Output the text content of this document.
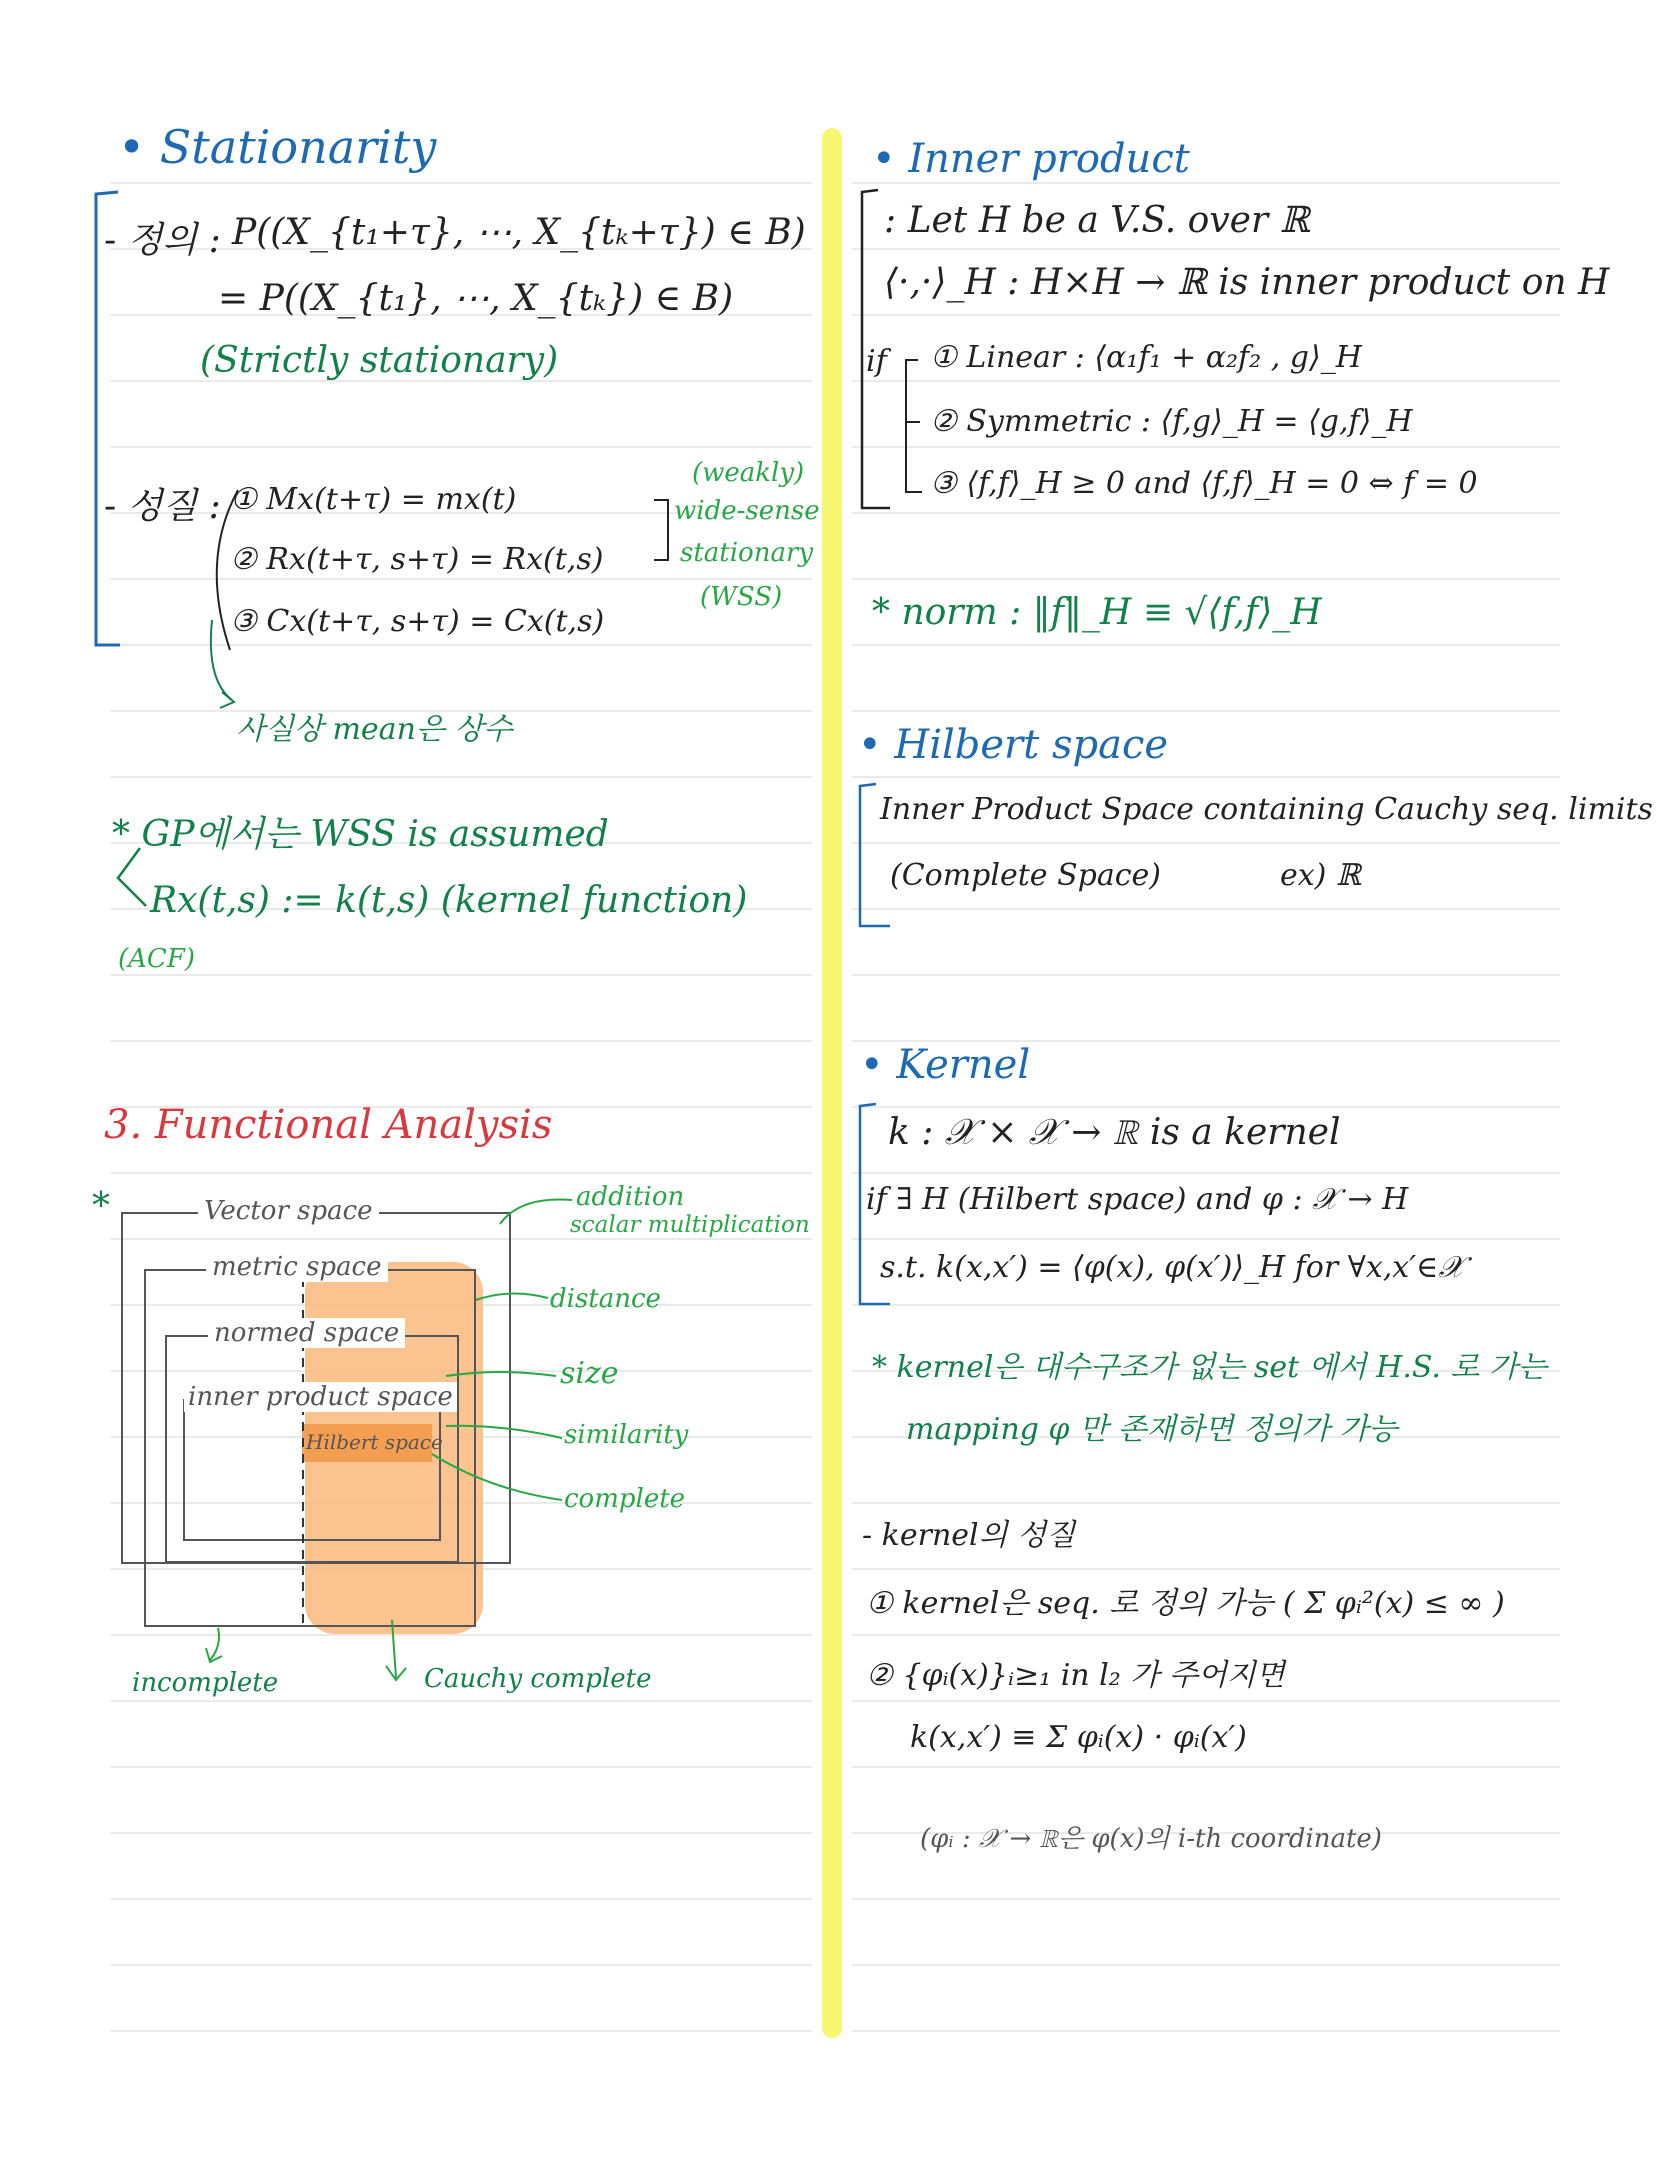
• Stationarity
- 정의 : P((X_{t₁+τ}, ⋯, X_{tₖ+τ}) ∈ B)
= P((X_{t₁}, ⋯, X_{tₖ}) ∈ B)
(Strictly stationary)
- 성질 : ① Mx(t+τ) = mx(t)
② Rx(t+τ, s+τ) = Rx(t,s)
③ Cx(t+τ, s+τ) = Cx(t,s)
(weakly)
wide-sense
stationary
(WSS)
사실상 mean은 상수
* GP에서는 WSS is assumed
Rx(t,s) := k(t,s) (kernel function)
(ACF)
3. Functional Analysis
*	Vector space
metric space
normed space
inner product space
Hilbert space
addition
scalar multiplication
distance
size
similarity
complete
incomplete	Cauchy complete
• Inner product
: Let H be a V.S. over ℝ
⟨·,·⟩_H : H×H → ℝ is inner product on H
if ① Linear : ⟨α₁f₁ + α₂f₂ , g⟩_H
② Symmetric : ⟨f,g⟩_H = ⟨g,f⟩_H
③ ⟨f,f⟩_H ≥ 0 and ⟨f,f⟩_H = 0 ⇔ f = 0
* norm : ‖f‖_H ≡ √⟨f,f⟩_H
• Hilbert space
Inner Product Space containing Cauchy seq. limits
(Complete Space)	ex) ℝ
• Kernel
k : 𝒳 × 𝒳 → ℝ is a kernel
if ∃ H (Hilbert space) and φ : 𝒳 → H
s.t. k(x,x′) = ⟨φ(x), φ(x′)⟩_H for ∀x,x′∈𝒳
* kernel은 대수구조가 없는 set 에서 H.S. 로 가는
mapping φ 만 존재하면 정의가 가능
- kernel의 성질
① kernel은 seq. 로 정의 가능 ( Σ φᵢ²(x) ≤ ∞ )
② {φᵢ(x)}ᵢ≥₁ in l₂ 가 주어지면
k(x,x′) ≡ Σ φᵢ(x) · φᵢ(x′)
(φᵢ : 𝒳 → ℝ은 φ(x)의 i-th coordinate)
